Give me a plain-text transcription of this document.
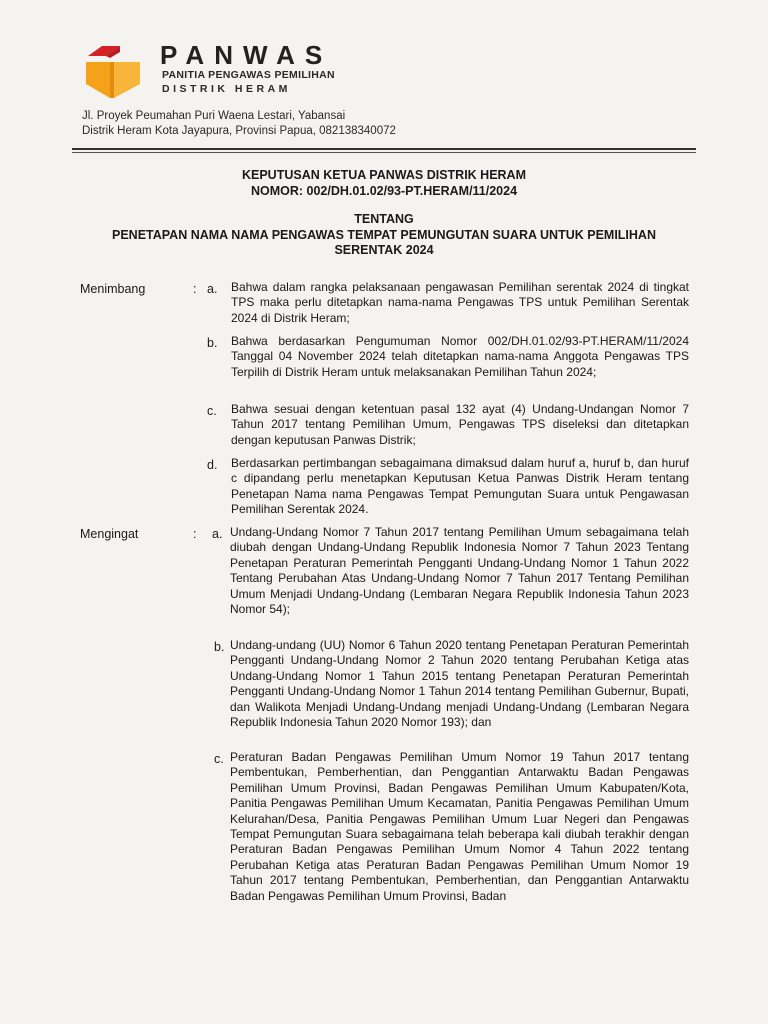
PANWAS
PANITIA PENGAWAS PEMILIHAN
DISTRIK HERAM
Jl. Proyek Peumahan Puri Waena Lestari, Yabansai
Distrik Heram Kota Jayapura, Provinsi Papua, 082138340072
KEPUTUSAN KETUA PANWAS DISTRIK HERAM
NOMOR: 002/DH.01.02/93-PT.HERAM/11/2024
TENTANG
PENETAPAN NAMA NAMA PENGAWAS TEMPAT PEMUNGUTAN SUARA UNTUK PEMILIHAN
SERENTAK 2024
Menimbang	: a. Bahwa dalam rangka pelaksanaan pengawasan Pemilihan serentak 2024 di tingkat TPS maka perlu ditetapkan nama-nama Pengawas TPS untuk Pemilihan Serentak 2024 di Distrik Heram;
b. Bahwa berdasarkan Pengumuman Nomor 002/DH.01.02/93-PT.HERAM/11/2024 Tanggal 04 November 2024 telah ditetapkan nama-nama Anggota Pengawas TPS Terpilih di Distrik Heram untuk melaksanakan Pemilihan Tahun 2024;
c. Bahwa sesuai dengan ketentuan pasal 132 ayat (4) Undang-Undangan Nomor 7 Tahun 2017 tentang Pemilihan Umum, Pengawas TPS diseleksi dan ditetapkan dengan keputusan Panwas Distrik;
d. Berdasarkan pertimbangan sebagaimana dimaksud dalam huruf a, huruf b, dan huruf c dipandang perlu menetapkan Keputusan Ketua Panwas Distrik Heram tentang Penetapan Nama nama Pengawas Tempat Pemungutan Suara untuk Pengawasan Pemilihan Serentak 2024.
Mengingat	: a. Undang-Undang Nomor 7 Tahun 2017 tentang Pemilihan Umum sebagaimana telah diubah dengan Undang-Undang Republik Indonesia Nomor 7 Tahun 2023 Tentang Penetapan Peraturan Pemerintah Pengganti Undang-Undang Nomor 1 Tahun 2022 Tentang Perubahan Atas Undang-Undang Nomor 7 Tahun 2017 Tentang Pemilihan Umum Menjadi Undang-Undang (Lembaran Negara Republik Indonesia Tahun 2023 Nomor 54);
b. Undang-undang (UU) Nomor 6 Tahun 2020 tentang Penetapan Peraturan Pemerintah Pengganti Undang-Undang Nomor 2 Tahun 2020 tentang Perubahan Ketiga atas Undang-Undang Nomor 1 Tahun 2015 tentang Penetapan Peraturan Pemerintah Pengganti Undang-Undang Nomor 1 Tahun 2014 tentang Pemilihan Gubernur, Bupati, dan Walikota Menjadi Undang-Undang menjadi Undang-Undang (Lembaran Negara Republik Indonesia Tahun 2020 Nomor 193); dan
c. Peraturan Badan Pengawas Pemilihan Umum Nomor 19 Tahun 2017 tentang Pembentukan, Pemberhentian, dan Penggantian Antarwaktu Badan Pengawas Pemilihan Umum Provinsi, Badan Pengawas Pemilihan Umum Kabupaten/Kota, Panitia Pengawas Pemilihan Umum Kecamatan, Panitia Pengawas Pemilihan Umum Kelurahan/Desa, Panitia Pengawas Pemilihan Umum Luar Negeri dan Pengawas Tempat Pemungutan Suara sebagaimana telah beberapa kali diubah terakhir dengan Peraturan Badan Pengawas Pemilihan Umum Nomor 4 Tahun 2022 tentang Perubahan Ketiga atas Peraturan Badan Pengawas Pemilihan Umum Nomor 19 Tahun 2017 tentang Pembentukan, Pemberhentian, dan Penggantian Antarwaktu Badan Pengawas Pemilihan Umum Provinsi, Badan
